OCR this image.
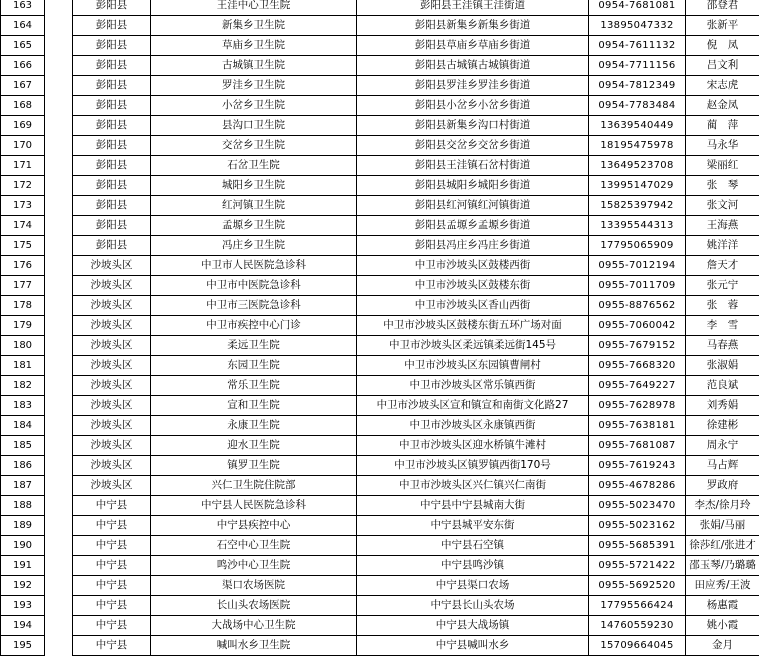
163		彭阳县	王洼中心卫生院	彭阳县王洼镇王洼街道	0954-7681081	邵登君
164		彭阳县	新集乡卫生院	彭阳县新集乡新集乡街道	13895047332	张新平
165		彭阳县	草庙乡卫生院	彭阳县草庙乡草庙乡街道	0954-7611132	倪　凤
166		彭阳县	古城镇卫生院	彭阳县古城镇古城镇街道	0954-7711156	吕文利
167		彭阳县	罗洼乡卫生院	彭阳县罗洼乡罗洼乡街道	0954-7812349	宋志虎
168		彭阳县	小岔乡卫生院	彭阳县小岔乡小岔乡街道	0954-7783484	赵金凤
169		彭阳县	县沟口卫生院	彭阳县新集乡沟口村街道	13639540449	蔺　萍
170		彭阳县	交岔乡卫生院	彭阳县交岔乡交岔乡街道	18195475978	马永华
171		彭阳县	石岔卫生院	彭阳县王洼镇石岔村街道	13649523708	梁丽红
172		彭阳县	城阳乡卫生院	彭阳县城阳乡城阳乡街道	13995147029	张　琴
173		彭阳县	红河镇卫生院	彭阳县红河镇红河镇街道	15825397942	张文河
174		彭阳县	孟塬乡卫生院	彭阳县孟塬乡孟塬乡街道	13395544313	王海燕
175		彭阳县	冯庄乡卫生院	彭阳县冯庄乡冯庄乡街道	17795065909	姚洋洋
176		沙坡头区	中卫市人民医院急诊科	中卫市沙坡头区鼓楼西街	0955-7012194	詹天才
177		沙坡头区	中卫市中医院急诊科	中卫市沙坡头区鼓楼东街	0955-7011709	张元宁
178		沙坡头区	中卫市三医院急诊科	中卫市沙坡头区香山西街	0955-8876562	张　蓉
179		沙坡头区	中卫市疾控中心门诊	中卫市沙坡头区鼓楼东街五环广场对面	0955-7060042	李　雪
180		沙坡头区	柔远卫生院	中卫市沙坡头区柔远镇柔远街145号	0955-7679152	马春燕
181		沙坡头区	东园卫生院	中卫市沙坡头区东园镇曹闸村	0955-7668320	张淑娟
182		沙坡头区	常乐卫生院	中卫市沙坡头区常乐镇西街	0955-7649227	范良斌
183		沙坡头区	宣和卫生院	中卫市沙坡头区宣和镇宣和南街文化路27	0955-7628978	刘秀娟
184		沙坡头区	永康卫生院	中卫市沙坡头区永康镇西街	0955-7638181	徐建彬
185		沙坡头区	迎水卫生院	中卫市沙坡头区迎水桥镇牛滩村	0955-7681087	周永宁
186		沙坡头区	镇罗卫生院	中卫市沙坡头区镇罗镇西街170号	0955-7619243	马占辉
187		沙坡头区	兴仁卫生院住院部	中卫市沙坡头区兴仁镇兴仁南街	0955-4678286	罗政府
188		中宁县	中宁县人民医院急诊科	中宁县中宁县城南大街	0955-5023470	李杰/徐月玲
189		中宁县	中宁县疾控中心	中宁县城平安东街	0955-5023162	张娟/马丽
190		中宁县	石空中心卫生院	中宁县石空镇	0955-5685391	徐莎红/张进才
191		中宁县	鸣沙中心卫生院	中宁县鸣沙镇	0955-5721422	邵玉琴/乃璐璐
192		中宁县	渠口农场医院	中宁县渠口农场	0955-5692520	田应秀/王波
193		中宁县	长山头农场医院	中宁县长山头农场	17795566424	杨惠霞
194		中宁县	大战场中心卫生院	中宁县大战场镇	14760559230	姚小霞
195		中宁县	喊叫水乡卫生院	中宁县喊叫水乡	15709664045	金月
